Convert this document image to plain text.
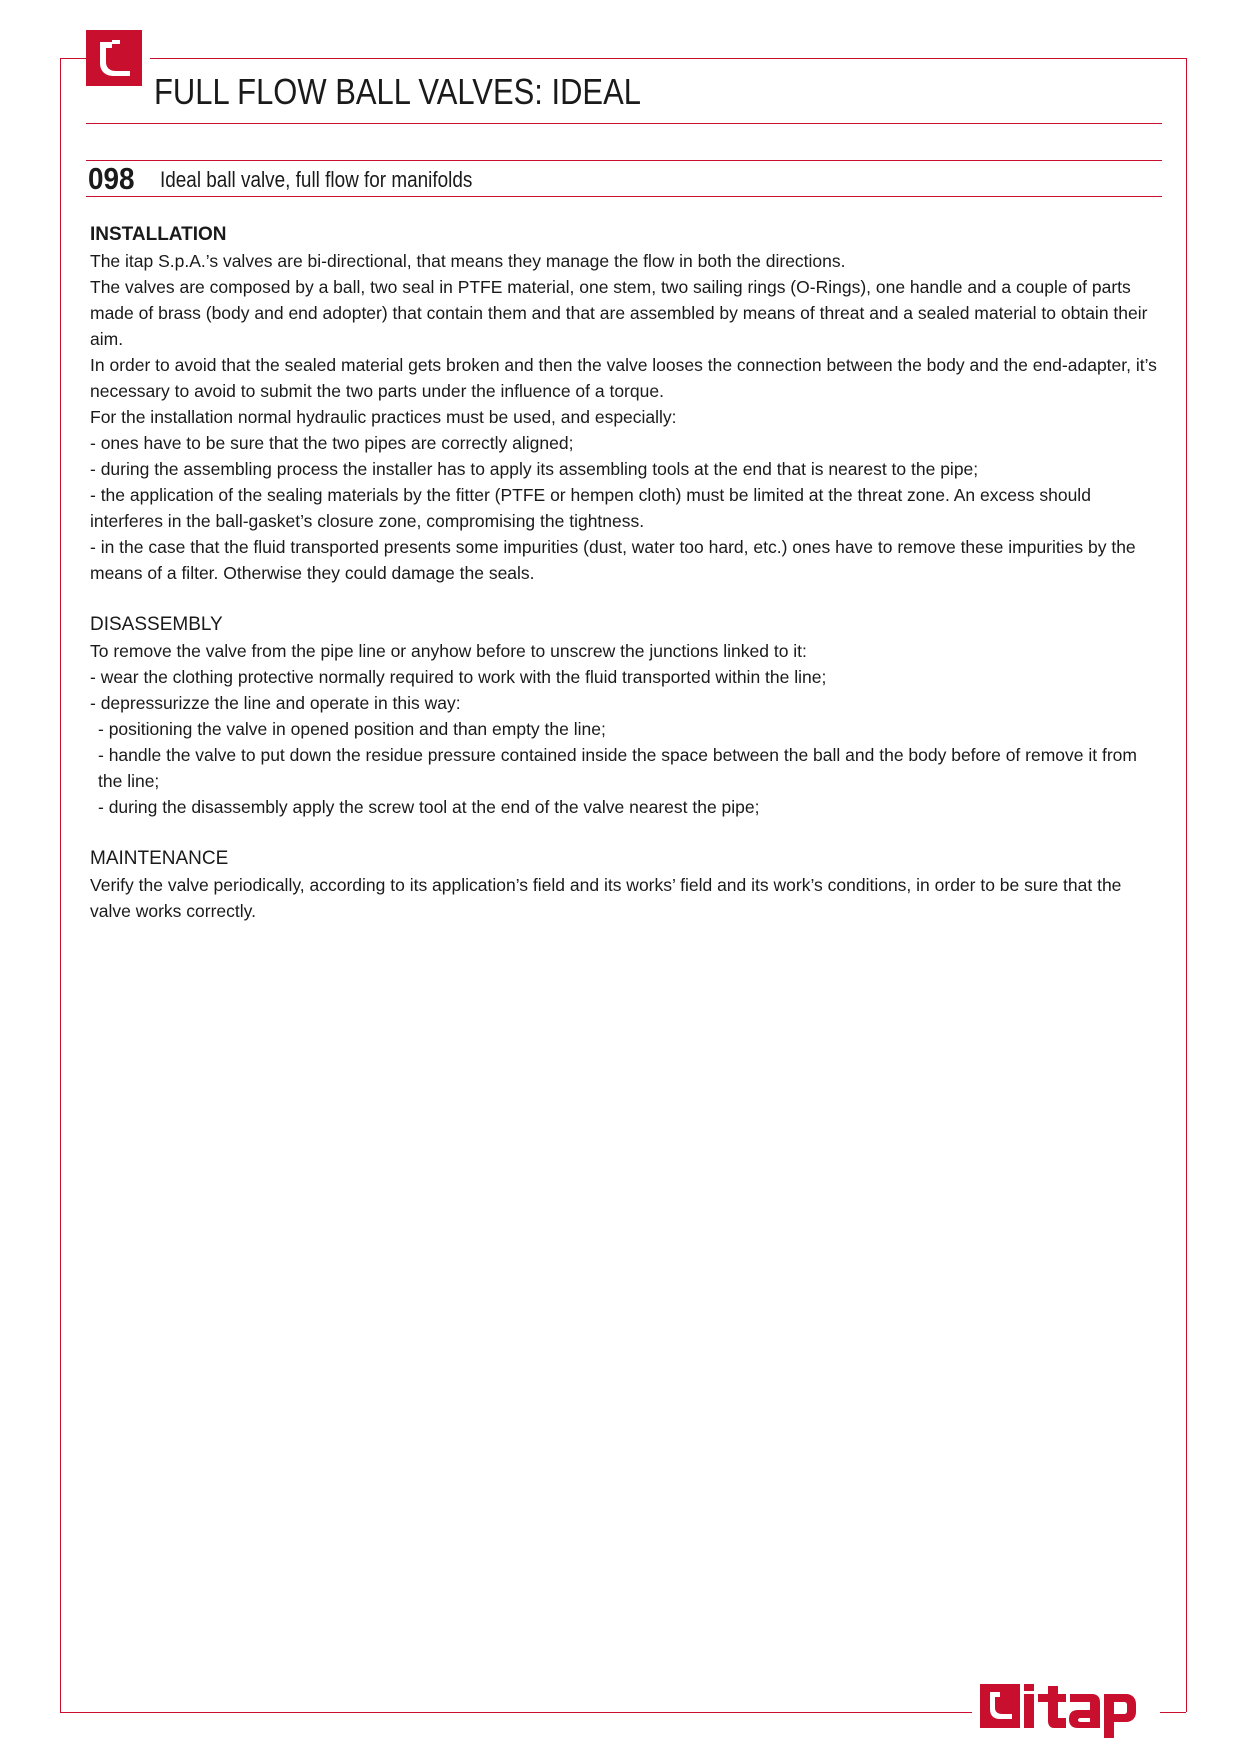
FULL FLOW BALL VALVES: IDEAL
098 Ideal ball valve, full flow for manifolds
INSTALLATION
The itap S.p.A.’s valves are bi-directional, that means they manage the flow in both the directions.
The valves are composed by a ball, two seal in PTFE material, one stem, two sailing rings (O-Rings), one handle and a couple of parts made of brass (body and end adopter) that contain them and that are assembled by means of threat and a sealed material to obtain their aim.
In order to avoid that the sealed material gets broken and then the valve looses the connection between the body and the end-adapter, it’s necessary to avoid to submit the two parts under the influence of a torque.
For the installation normal hydraulic practices must be used, and especially:
- ones have to be sure that the two pipes are correctly aligned;
- during the assembling process the installer has to apply its assembling tools at the end that is nearest to the pipe;
- the application of the sealing materials by the fitter (PTFE or hempen cloth) must be limited at the threat zone. An excess should interferes in the ball-gasket’s closure zone, compromising the tightness.
- in the case that the fluid transported presents some impurities (dust, water too hard, etc.) ones have to remove these impurities by the means of a filter. Otherwise they could damage the seals.
DISASSEMBLY
To remove the valve from the pipe line or anyhow before to unscrew the junctions linked to it:
- wear the clothing protective normally required to work with the fluid transported within the line;
- depressurizze the line and operate in this way:
- positioning the valve in opened position and than empty the line;
- handle the valve to put down the residue pressure contained inside the space between the ball and the body before of remove it from the line;
- during the disassembly apply the screw tool at the end of the valve nearest the pipe;
MAINTENANCE
Verify the valve periodically, according to its application’s field and its works’ field and its work’s conditions, in order to be sure that the valve works correctly.
